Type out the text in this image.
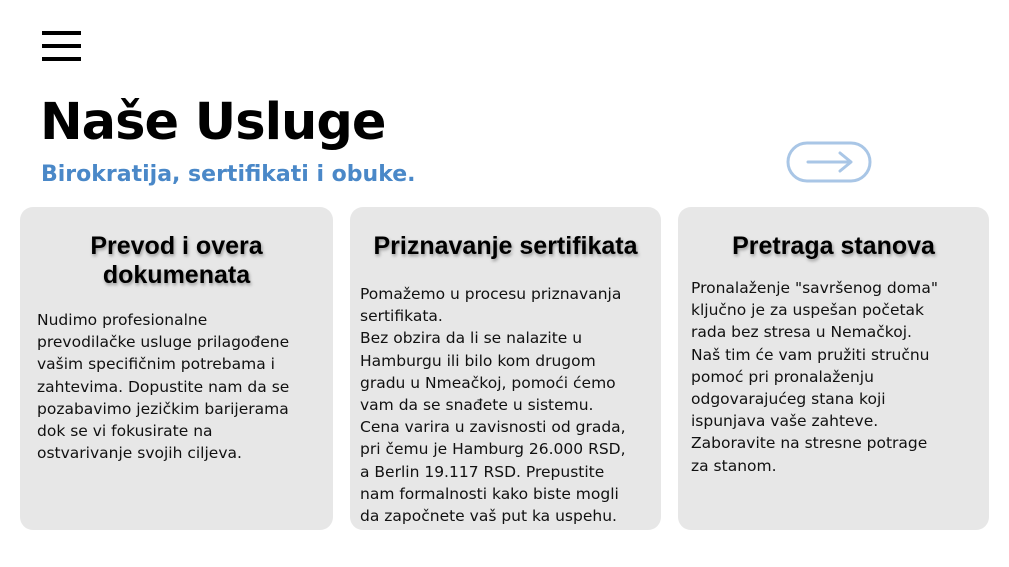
Naše Usluge
Birokratija, sertifikati i obuke.
Prevod i overa dokumenata
Nudimo profesionalne
prevodilačke usluge prilagođene
vašim specifičnim potrebama i
zahtevima. Dopustite nam da se
pozabavimo jezičkim barijerama
dok se vi fokusirate na
ostvarivanje svojih ciljeva.
Priznavanje sertifikata
Pomažemo u procesu priznavanja
sertifikata.
Bez obzira da li se nalazite u
Hamburgu ili bilo kom drugom
gradu u Nmeačkoj, pomoći ćemo
vam da se snađete u sistemu.
Cena varira u zavisnosti od grada,
pri čemu je Hamburg 26.000 RSD,
a Berlin 19.117 RSD. Prepustite
nam formalnosti kako biste mogli
da započnete vaš put ka uspehu.
Pretraga stanova
Pronalaženje "savršenog doma"
ključno je za uspešan početak
rada bez stresa u Nemačkoj.
Naš tim će vam pružiti stručnu
pomoć pri pronalaženju
odgovarajućeg stana koji
ispunjava vaše zahteve.
Zaboravite na stresne potrage
za stanom.
